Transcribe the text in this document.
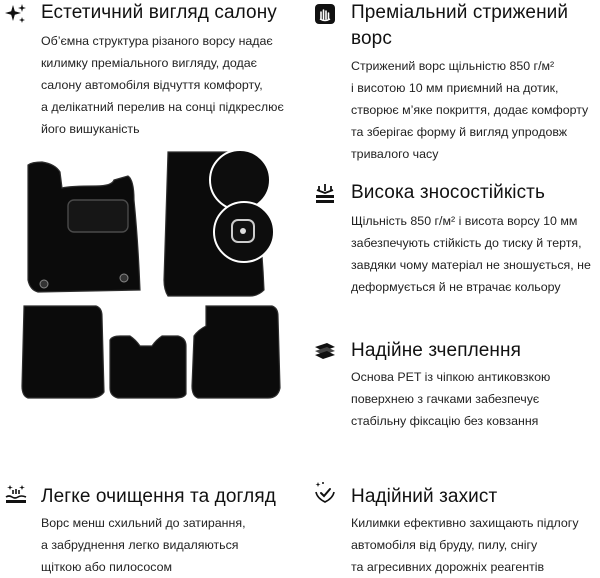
Естетичний вигляд салону
Об’ємна структура різаного ворсу надає
килимку преміального вигляду, додає
салону автомобіля відчуття комфорту,
а делікатний перелив на сонці підкреслює
його вишуканість
Преміальний стрижений
ворс
Стрижений ворс щільністю 850 г/м²
і висотою 10 мм приємний на дотик,
створює м’яке покриття, додає комфорту
та зберігає форму й вигляд упродовж
тривалого часу
Висока зносостійкість
Щільність 850 г/м² і висота ворсу 10 мм
забезпечують стійкість до тиску й тертя,
завдяки чому матеріал не зношується, не
деформується й не втрачає кольору
Надійне зчеплення
Основа PET із чіпкою антиковзкою
поверхнею з гачками забезпечує
стабільну фіксацію без ковзання
Легке очищення та догляд
Ворс менш схильний до затирання,
а забруднення легко видаляються
щіткою або пилососом
Надійний захист
Килимки ефективно захищають підлогу
автомобіля від бруду, пилу, снігу
та агресивних дорожніх реагентів
